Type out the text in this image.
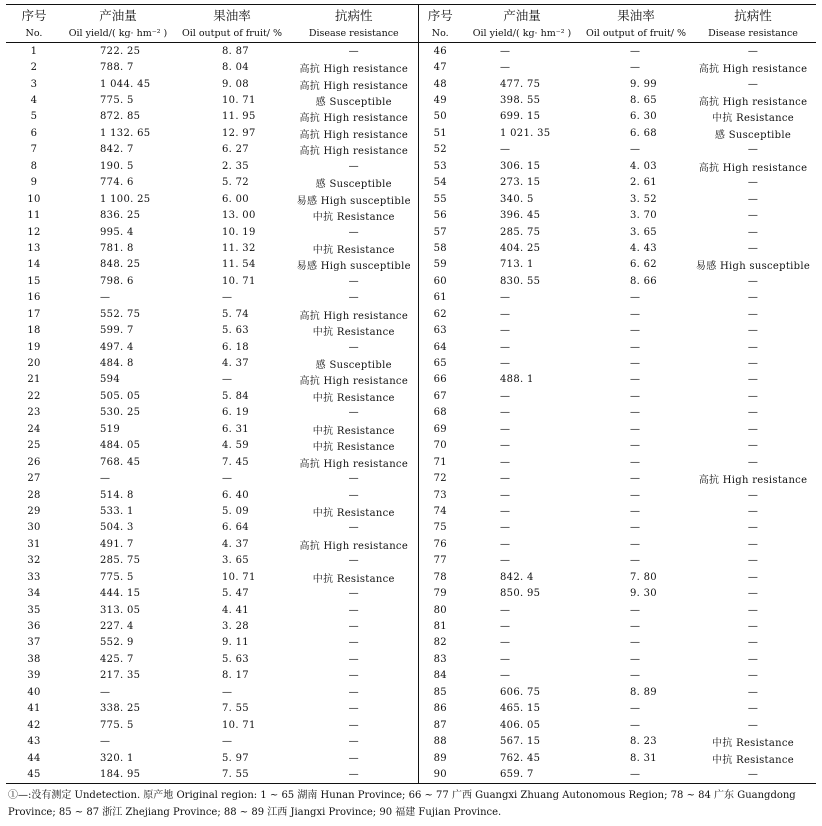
序号	产油量	果油率	抗病性	序号	产油量	果油率	抗病性
No.	Oil yield/( kg· hm⁻² )	Oil output of fruit/ %	Disease resistance	No.	Oil yield/( kg· hm⁻² )	Oil output of fruit/ %	Disease resistance
1	722. 25	8. 87	—	46	—	—	—
2	788. 7	8. 04	高抗 High resistance	47	—	—	高抗 High resistance
3	1 044. 45	9. 08	高抗 High resistance	48	477. 75	9. 99	—
4	775. 5	10. 71	感 Susceptible	49	398. 55	8. 65	高抗 High resistance
5	872. 85	11. 95	高抗 High resistance	50	699. 15	6. 30	中抗 Resistance
6	1 132. 65	12. 97	高抗 High resistance	51	1 021. 35	6. 68	感 Susceptible
7	842. 7	6. 27	高抗 High resistance	52	—	—	—
8	190. 5	2. 35	—	53	306. 15	4. 03	高抗 High resistance
9	774. 6	5. 72	感 Susceptible	54	273. 15	2. 61	—
10	1 100. 25	6. 00	易感 High susceptible	55	340. 5	3. 52	—
11	836. 25	13. 00	中抗 Resistance	56	396. 45	3. 70	—
12	995. 4	10. 19	—	57	285. 75	3. 65	—
13	781. 8	11. 32	中抗 Resistance	58	404. 25	4. 43	—
14	848. 25	11. 54	易感 High susceptible	59	713. 1	6. 62	易感 High susceptible
15	798. 6	10. 71	—	60	830. 55	8. 66	—
16	—	—	—	61	—	—	—
17	552. 75	5. 74	高抗 High resistance	62	—	—	—
18	599. 7	5. 63	中抗 Resistance	63	—	—	—
19	497. 4	6. 18	—	64	—	—	—
20	484. 8	4. 37	感 Susceptible	65	—	—	—
21	594	—	高抗 High resistance	66	488. 1	—	—
22	505. 05	5. 84	中抗 Resistance	67	—	—	—
23	530. 25	6. 19	—	68	—	—	—
24	519	6. 31	中抗 Resistance	69	—	—	—
25	484. 05	4. 59	中抗 Resistance	70	—	—	—
26	768. 45	7. 45	高抗 High resistance	71	—	—	—
27	—	—	—	72	—	—	高抗 High resistance
28	514. 8	6. 40	—	73	—	—	—
29	533. 1	5. 09	中抗 Resistance	74	—	—	—
30	504. 3	6. 64	—	75	—	—	—
31	491. 7	4. 37	高抗 High resistance	76	—	—	—
32	285. 75	3. 65	—	77	—	—	—
33	775. 5	10. 71	中抗 Resistance	78	842. 4	7. 80	—
34	444. 15	5. 47	—	79	850. 95	9. 30	—
35	313. 05	4. 41	—	80	—	—	—
36	227. 4	3. 28	—	81	—	—	—
37	552. 9	9. 11	—	82	—	—	—
38	425. 7	5. 63	—	83	—	—	—
39	217. 35	8. 17	—	84	—	—	—
40	—	—	—	85	606. 75	8. 89	—
41	338. 25	7. 55	—	86	465. 15	—	—
42	775. 5	10. 71	—	87	406. 05	—	—
43	—	—	—	88	567. 15	8. 23	中抗 Resistance
44	320. 1	5. 97	—	89	762. 45	8. 31	中抗 Resistance
45	184. 95	7. 55	—	90	659. 7	—	—
①—:没有测定 Undetection. 原产地 Original region: 1 ~ 65 湖南 Hunan Province; 66 ~ 77 广西 Guangxi Zhuang Autonomous Region; 78 ~ 84 广东 Guangdong Province; 85 ~ 87 浙江 Zhejiang Province; 88 ~ 89 江西 Jiangxi Province; 90 福建 Fujian Province.
